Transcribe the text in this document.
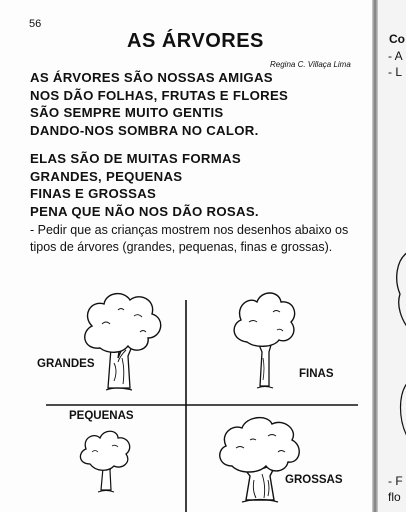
56
AS ÁRVORES
Regina C. Villaça Lima
AS ÁRVORES SÃO NOSSAS AMIGAS
NOS DÃO FOLHAS, FRUTAS E FLORES
SÃO SEMPRE MUITO GENTIS
DANDO-NOS SOMBRA NO CALOR.
ELAS SÃO DE MUITAS FORMAS
GRANDES, PEQUENAS
FINAS E GROSSAS
PENA QUE NÃO NOS DÃO ROSAS.
- Pedir que as crianças mostrem nos desenhos abaixo os tipos de árvores (grandes, pequenas, finas e grossas).
GRANDES
FINAS
PEQUENAS
GROSSAS
Co
- A
- L
- F
flo
